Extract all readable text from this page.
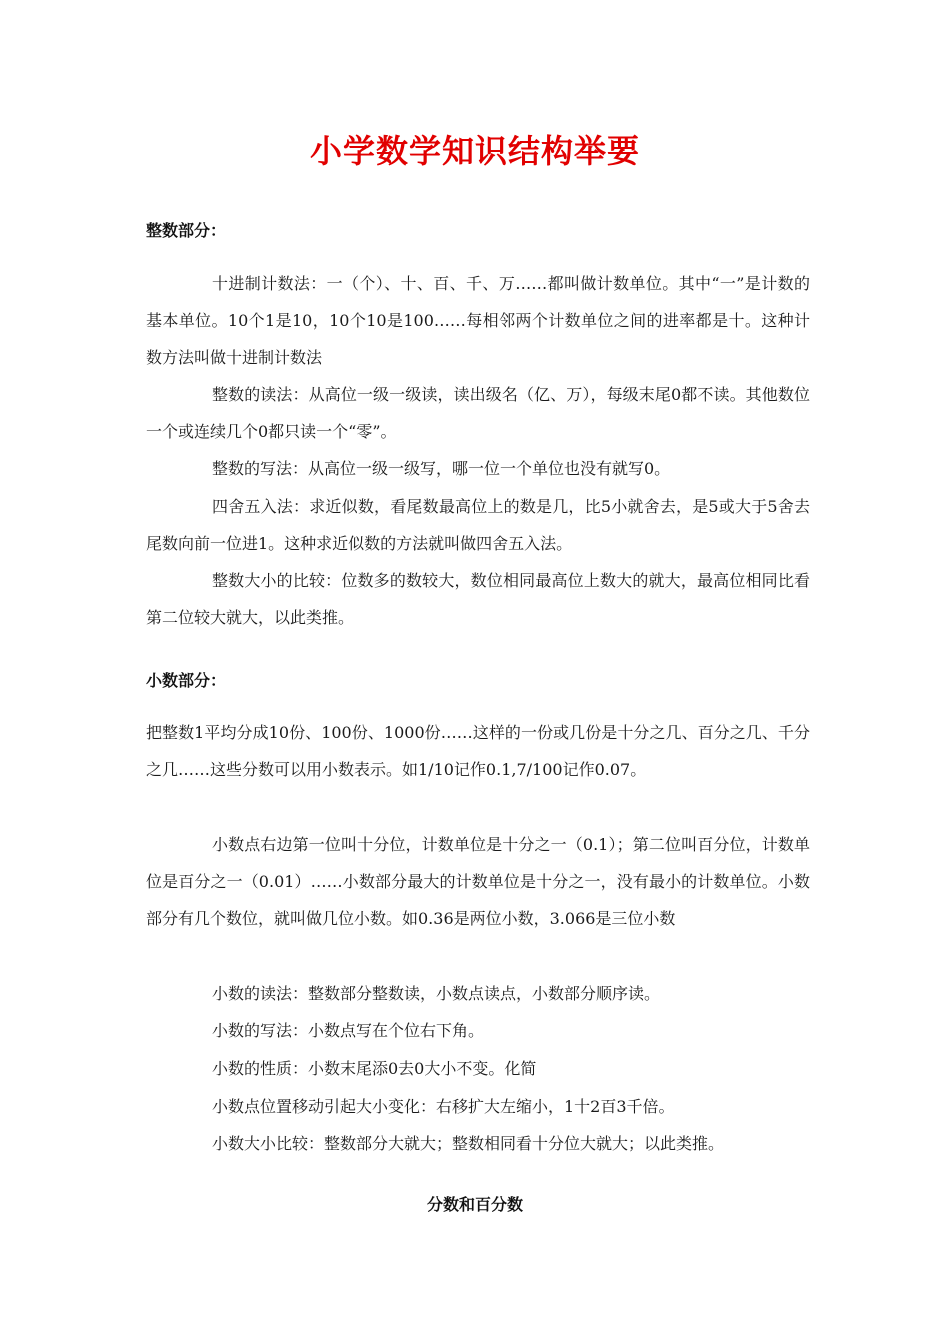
小学数学知识结构举要
整数部分：
十进制计数法：一（个）、十、百、千、万……都叫做计数单位。其中“一”是计数的基本单位。10个1是10，10个10是100……每相邻两个计数单位之间的进率都是十。这种计数方法叫做十进制计数法
整数的读法：从高位一级一级读，读出级名（亿、万），每级末尾0都不读。其他数位一个或连续几个0都只读一个“零”。
整数的写法：从高位一级一级写，哪一位一个单位也没有就写0。
四舍五入法：求近似数，看尾数最高位上的数是几，比5小就舍去，是5或大于5舍去尾数向前一位进1。这种求近似数的方法就叫做四舍五入法。
整数大小的比较：位数多的数较大，数位相同最高位上数大的就大，最高位相同比看第二位较大就大，以此类推。
小数部分：
把整数1平均分成10份、100份、1000份……这样的一份或几份是十分之几、百分之几、千分之几……这些分数可以用小数表示。如1/10记作0.1,7/100记作0.07。
小数点右边第一位叫十分位，计数单位是十分之一（0.1）；第二位叫百分位，计数单位是百分之一（0.01）……小数部分最大的计数单位是十分之一，没有最小的计数单位。小数部分有几个数位，就叫做几位小数。如0.36是两位小数，3.066是三位小数
小数的读法：整数部分整数读，小数点读点，小数部分顺序读。
小数的写法：小数点写在个位右下角。
小数的性质：小数末尾添0去0大小不变。化简
小数点位置移动引起大小变化：右移扩大左缩小，1十2百3千倍。
小数大小比较：整数部分大就大；整数相同看十分位大就大；以此类推。
分数和百分数
